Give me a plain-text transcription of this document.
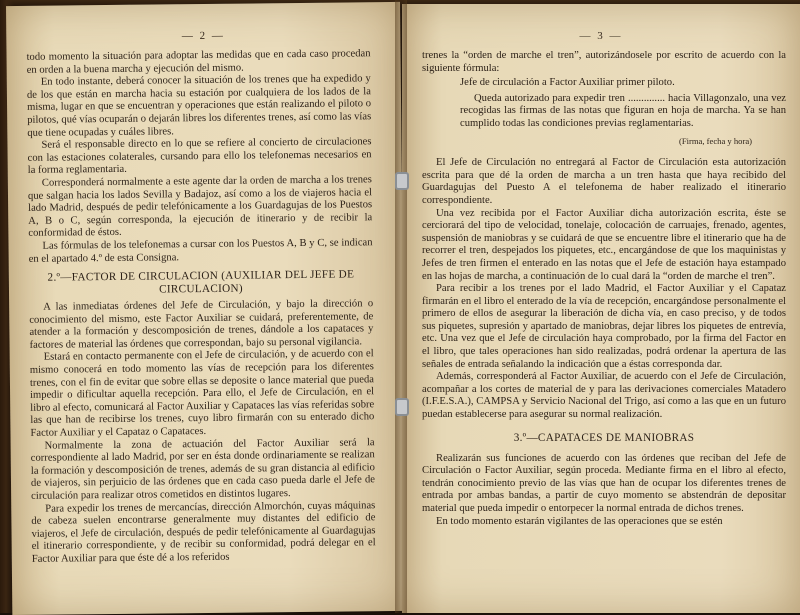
— 2 —

todo momento la situación para adoptar las medidas que en cada caso procedan en orden a la buena marcha y ejecución del mismo.

En todo instante, deberá conocer la situación de los trenes que ha expedido y de los que están en marcha hacia su estación por cualquiera de los lados de la misma, lugar en que se encuentran y operaciones que están realizando el piloto o pilotos, qué vías ocuparán o dejarán libres los diferentes trenes, así como las vías que tiene ocupadas y cuáles libres.

Será el responsable directo en lo que se refiere al concierto de circulaciones con las estaciones colaterales, cursando para ello los telefonemas necesarios en la forma reglamentaria.

Corresponderá normalmente a este agente dar la orden de marcha a los trenes que salgan hacia los lados Sevilla y Badajoz, así como a los de viajeros hacia el lado Madrid, después de pedir telefónicamente a los Guardagujas de los Puestos A, B o C, según corresponda, la ejecución de itinerario y de recibir la conformidad de éstos.

Las fórmulas de los telefonemas a cursar con los Puestos A, B y C, se indican en el apartado 4.º de esta Consigna.

2.º—FACTOR DE CIRCULACION (AUXILIAR DEL JEFE DE CIRCULACION)

A las inmediatas órdenes del Jefe de Circulación, y bajo la dirección o conocimiento del mismo, este Factor Auxiliar se cuidará, preferentemente, de atender a la formación y descomposición de trenes, dándole a los capataces y factores de material las órdenes que correspondan, bajo su personal vigilancia.

Estará en contacto permanente con el Jefe de circulación, y de acuerdo con el mismo conocerá en todo momento las vías de recepción para los diferentes trenes, con el fin de evitar que sobre ellas se deposite o lance material que pueda impedir o dificultar aquella recepción. Para ello, el Jefe de Circulación, en el libro al efecto, comunicará al Factor Auxiliar y Capataces las vías referidas sobre las que han de recibirse los trenes, cuyo libro firmarán con su enterado dicho Factor Auxiliar y el Capataz o Capataces.

Normalmente la zona de actuación del Factor Auxiliar será la correspondiente al lado Madrid, por ser en ésta donde ordinariamente se realizan la formación y descomposición de trenes, además de su gran distancia al edificio de viajeros, sin perjuicio de las órdenes que en cada caso pueda darle el Jefe de circulación para realizar otros cometidos en distintos lugares.

Para expedir los trenes de mercancías, dirección Almorchón, cuyas máquinas de cabeza suelen encontrarse generalmente muy distantes del edificio de viajeros, el Jefe de circulación, después de pedir telefónicamente al Guardagujas el itinerario correspondiente, y de recibir su conformidad, podrá delegar en el Factor Auxiliar para que éste dé a los referidos

— 3 —

trenes la “orden de marche el tren”, autorizándosele por escrito de acuerdo con la siguiente fórmula:

Jefe de circulación a Factor Auxiliar primer piloto.

Queda autorizado para expedir tren .............. hacia Villagonzalo, una vez recogidas las firmas de las notas que figuran en hoja de marcha. Ya se han cumplido todas las condiciones previas reglamentarias.

(Firma, fecha y hora)

El Jefe de Circulación no entregará al Factor de Circulación esta autorización escrita para que dé la orden de marcha a un tren hasta que haya recibido del Guardagujas del Puesto A el telefonema de haber realizado el itinerario correspondiente.

Una vez recibida por el Factor Auxiliar dicha autorización escrita, éste se cerciorará del tipo de velocidad, tonelaje, colocación de carruajes, frenado, agentes, suspensión de maniobras y se cuidará de que se encuentre libre el itinerario que ha de recorrer el tren, despejados los piquetes, etc., encargándose de que los maquinistas y Jefes de tren firmen el enterado en las notas que el Jefe de estación haya estampado en las hojas de marcha, a continuación de lo cual dará la “orden de marche el tren”.

Para recibir a los trenes por el lado Madrid, el Factor Auxiliar y el Capataz firmarán en el libro el enterado de la vía de recepción, encargándose personalmente el primero de ellos de asegurar la liberación de dicha vía, en caso preciso, y de todos sus piquetes, supresión y apartado de maniobras, dejar libres los piquetes de entrevía, etc. Una vez que el Jefe de circulación haya comprobado, por la firma del Factor en el libro, que tales operaciones han sido realizadas, podrá ordenar la apertura de las señales de entrada señalando la indicación que a éstas corresponda dar.

Además, corresponderá al Factor Auxiliar, de acuerdo con el Jefe de Circulación, acompañar a los cortes de material de y para las derivaciones comerciales Matadero (I.F.E.S.A.), CAMPSA y Servicio Nacional del Trigo, así como a las que en un futuro puedan establecerse para asegurar su normal realización.

3.º—CAPATACES DE MANIOBRAS

Realizarán sus funciones de acuerdo con las órdenes que reciban del Jefe de Circulación o Factor Auxiliar, según proceda. Mediante firma en el libro al efecto, tendrán conocimiento previo de las vías que han de ocupar los diferentes trenes de entrada por ambas bandas, a partir de cuyo momento se abstendrán de depositar material que pueda impedir o entorpecer la normal entrada de dichos trenes.

En todo momento estarán vigilantes de las operaciones que se estén
